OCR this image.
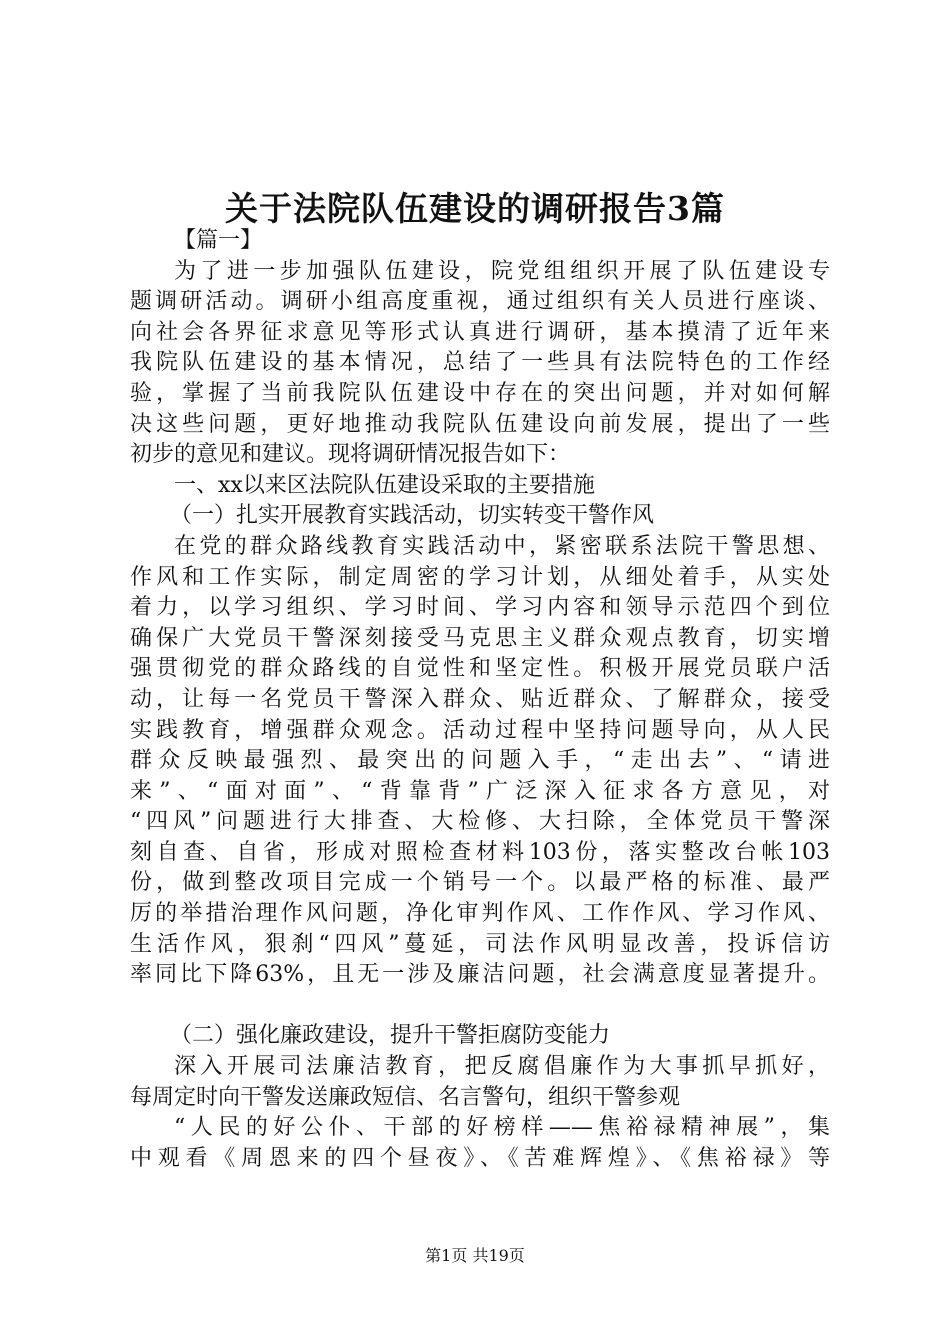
关于法院队伍建设的调研报告3篇
【篇一】
为了进一步加强队伍建设，院党组组织开展了队伍建设专
题调研活动。调研小组高度重视，通过组织有关人员进行座谈、
向社会各界征求意见等形式认真进行调研，基本摸清了近年来
我院队伍建设的基本情况，总结了一些具有法院特色的工作经
验，掌握了当前我院队伍建设中存在的突出问题，并对如何解
决这些问题，更好地推动我院队伍建设向前发展，提出了一些
初步的意见和建议。现将调研情况报告如下：
一、xx以来区法院队伍建设采取的主要措施
（一）扎实开展教育实践活动，切实转变干警作风
在党的群众路线教育实践活动中，紧密联系法院干警思想、
作风和工作实际，制定周密的学习计划，从细处着手，从实处
着力，以学习组织、学习时间、学习内容和领导示范四个到位
确保广大党员干警深刻接受马克思主义群众观点教育，切实增
强贯彻党的群众路线的自觉性和坚定性。积极开展党员联户活
动，让每一名党员干警深入群众、贴近群众、了解群众，接受
实践教育，增强群众观念。活动过程中坚持问题导向，从人民
群众反映最强烈、最突出的问题入手，“走出去”、“请进
来”、“面对面”、“背靠背”广泛深入征求各方意见，对
“四风”问题进行大排查、大检修、大扫除，全体党员干警深
刻自查、自省，形成对照检查材料103份，落实整改台帐103
份，做到整改项目完成一个销号一个。以最严格的标准、最严
厉的举措治理作风问题，净化审判作风、工作作风、学习作风、
生活作风，狠刹“四风”蔓延，司法作风明显改善，投诉信访
率同比下降63%，且无一涉及廉洁问题，社会满意度显著提升。
（二）强化廉政建设，提升干警拒腐防变能力
深入开展司法廉洁教育，把反腐倡廉作为大事抓早抓好，
每周定时向干警发送廉政短信、名言警句，组织干警参观
“人民的好公仆、干部的好榜样——焦裕禄精神展”，集
中观看《周恩来的四个昼夜》、《苦难辉煌》、《焦裕禄》等
第1页 共19页
